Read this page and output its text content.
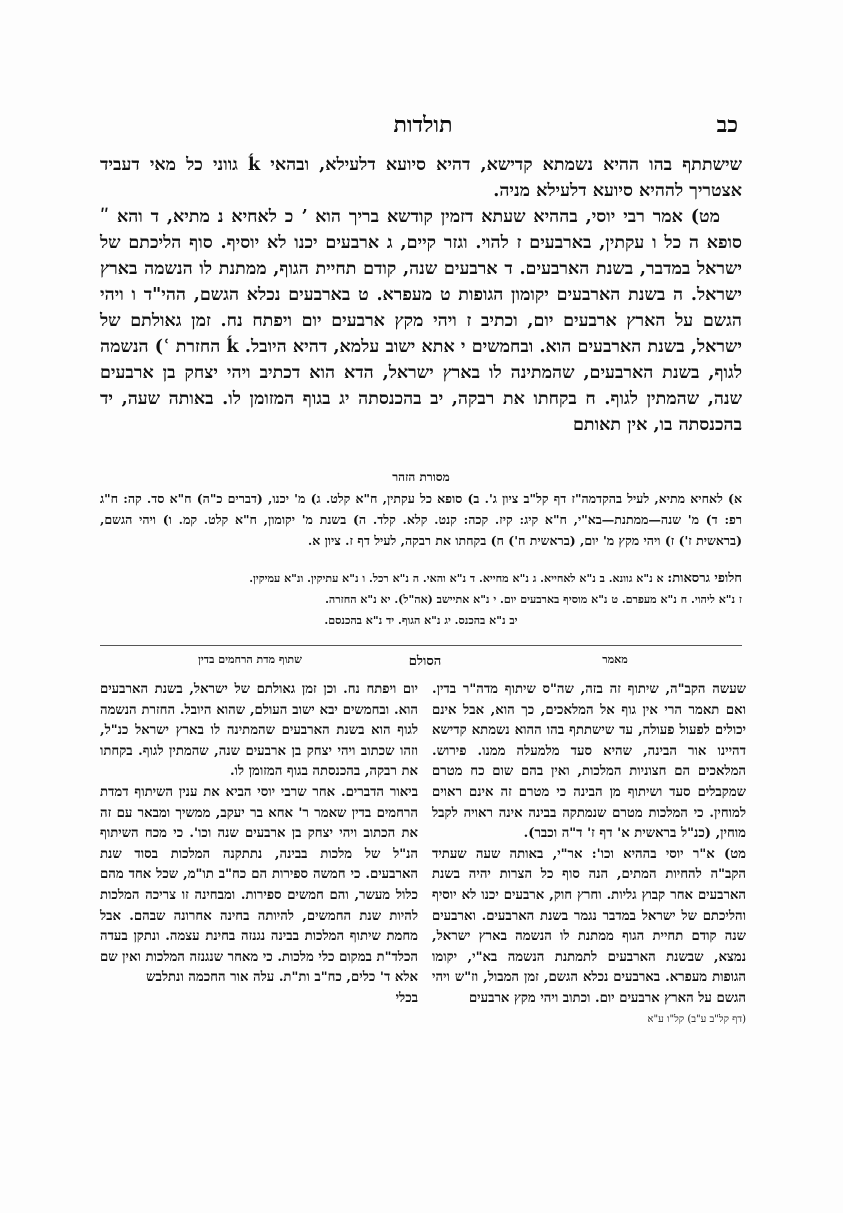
כב
תולדות

שישתתף בהו ההיא נשמתא קדישא, דהיא סיועא דלעילא, ובהאי ḱ גווני כל מאי דעביד אצטריך לההיא סיועא דלעילא מניה.

מט) אמר רבי יוסי, בההיא שעתא דזמין קודשא בריך הוא ʼ כ לאחיא נ מתיא, ד והא ʺ סופא ה כל ו עקתין, בארבעים ז להוי. וגזר קיים, ג ארבעים יכנו לא יוסיף. סוף הליכתם של ישראל במדבר, בשנת הארבעים. ד ארבעים שנה, קודם תחיית הגוף, ממתנת לו הנשמה בארץ ישראל. ה בשנת הארבעים יקומון הגופות ט מעפרא. ט בארבעים נכלא הגשם, ההי"ד ו ויהי הגשם על הארץ ארבעים יום, וכתיב ז ויהי מקץ ארבעים יום ויפתח נח. זמן גאולתם של ישראל, בשנת הארבעים הוא. ובחמשים י אתא ישוב עלמא, דהיא היובל. ḱ החזרת ʿ) הנשמה לגוף, בשנת הארבעים, שהמתינה לו בארץ ישראל, הדא הוא דכתיב ויהי יצחק בן ארבעים שנה, שהמתין לגוף. ח בקחתו את רבקה, יב בהכנסתה יג בגוף המזומן לו. באותה שעה, יד בהכנסתה בו, אין תאותם

מסורת הזהר
א) לאחיא מתיא, לעיל בהקדמה"ז דף קל"ב ציון ג'. ב) סופא כל עקתין, ח"א קלט. ג) מ' יכנו, (דברים כ"ה) ח"א סד. קה: ח"ג רפ: ד) מ' שנה—ממתנת—בא"י, ח"א קיג: קיז. קכה: קנט. קלא. קלד. ה) בשנת מ' יקומון, ח"א קלט. קמ. ו) ויהי הגשם, (בראשית ז') ז) ויהי מקץ מ' יום, (בראשית ח') ח) בקחתו את רבקה, לעיל דף ז. ציון א.
חלופי גרסאות: א נ"א גוונא. ב נ"א לאחייא. ג נ"א מחייא. ד נ"א והאי. ה נ"א רכל. ו נ"א עתיקין. ונ"א עמיקין.
ז נ"א ליהוי. ח נ"א מעפרם. ט נ"א מוסיף בארבעים יום. י נ"א אתיישב (אה"ל). יא נ"א החזרה.
יב נ"א בהכנס. יג נ"א הגוף. יד נ"א בהכנסם.
מאמר
הסולם
שתוף מדת הרחמים בדין

שעשה הקב"ה, שיתוף זה בזה, שה"ס שיתוף מדה"ר בדין. ואם תאמר הרי אין גוף אל המלאכים, כך הוא, אבל אינם יכולים לפעול פעולה, עד שישתתף בהו ההוא נשמתא קדישא דהיינו אור הבינה, שהיא סעד מלמעלה ממנו. פירוש. המלאכים הם חצוניות המלכות, ואין בהם שום כח מטרם שמקבלים סעד ושיתוף מן הבינה כי מטרם זה אינם ראוים למוחין. כי המלכות מטרם שנמתקה בבינה אינה ראויה לקבל מוחין, (כנ"ל בראשית א' דף ז' ד"ה וכבר).

מט) א"ר יוסי בההיא וכו': אר"י, באותה שעה שעתיד הקב"ה להחיות המתים, הנה סוף כל הצרות יהיה בשנת הארבעים אחר קבוץ גליות. וחרץ חוק, ארבעים יכנו לא יוסיף והליכתם של ישראל במדבר נגמר בשנת הארבעים. וארבעים שנה קודם תחיית הגוף ממתנת לו הנשמה בארץ ישראל, נמצא, שבשנת הארבעים לתמתנת הנשמה בא"י, יקומו הגופות מעפרא. בארבעים נכלא הגשם, זמן המבול, וז"ש ויהי הגשם על הארץ ארבעים יום. וכתוב ויהי מקץ ארבעים

(דף קל"ב ע"ב) קל"ו ע"א

יום ויפתח נח. וכן זמן גאולתם של ישראל, בשנת הארבעים הוא. ובחמשים יבא ישוב העולם, שהוא היובל. החזרת הנשמה לגוף הוא בשנת הארבעים שהמתינה לו בארץ ישראל כנ"ל, וזהו שכתוב ויהי יצחק בן ארבעים שנה, שהמתין לגוף. בקחתו את רבקה, בהכנסתה בגוף המזומן לו.

ביאור הדברים. אחר שרבי יוסי הביא את ענין השיתוף דמדת הרחמים בדין שאמר ר' אחא בר יעקב, ממשיך ומבאר עם זה את הכתוב ויהי יצחק בן ארבעים שנה וכו'. כי מכח השיתוף הנ"ל של מלכות בבינה, נתתקנה המלכות בסוד שנת הארבעים. כי חמשה ספירות הם כח"ב תו"מ, שכל אחד מהם כלול מעשר, והם חמשים ספירות. ומבחינה זו צריכה המלכות להיות שנת החמשים, להיותה בחינה אחרונה שבהם. אבל מחמת שיתוף המלכות בבינה נגנזה בחינת עצמה. ונתקן בעדה הכלד"ת במקום כלי מלכות. כי מאחר שנגנזה המלכות ואין שם אלא ד' כלים, כח"ב ות"ת. עלה אור החכמה ונתלבש

בכלי
